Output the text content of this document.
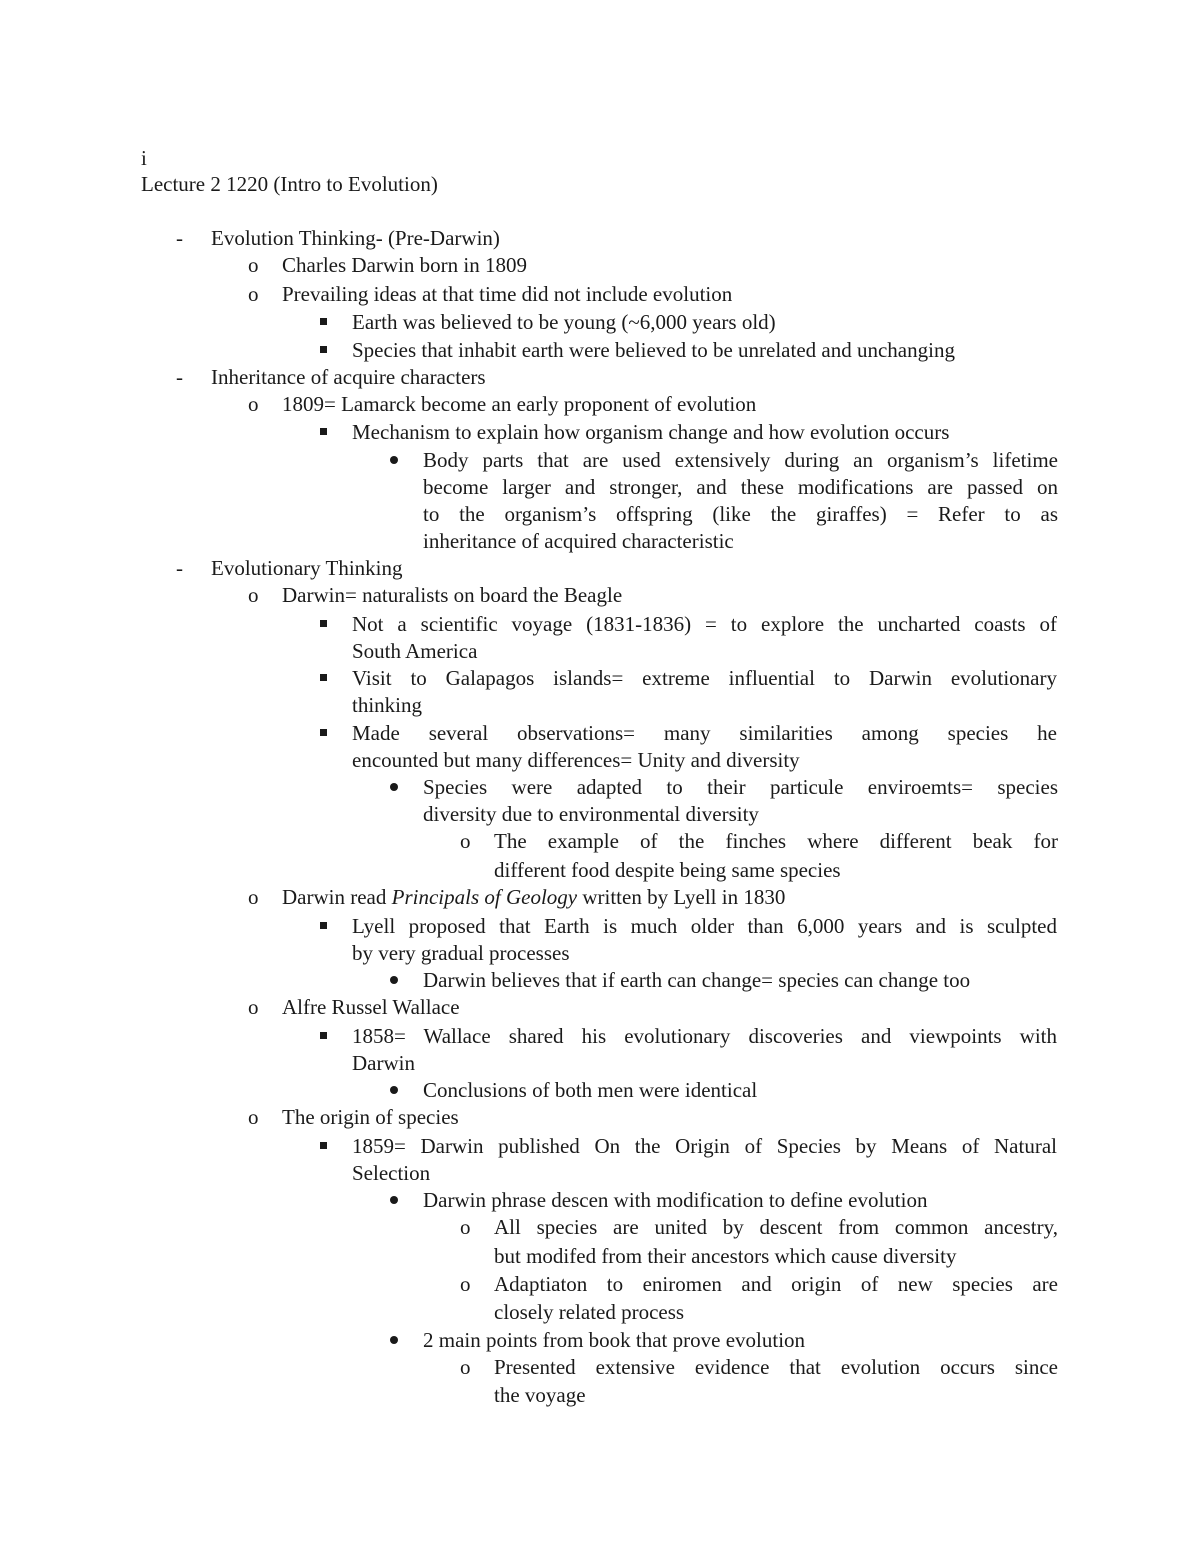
i
Lecture 2 1220 (Intro to Evolution)
- Evolution Thinking- (Pre-Darwin)
o Charles Darwin born in 1809
o Prevailing ideas at that time did not include evolution
Earth was believed to be young (~6,000 years old)
Species that inhabit earth were believed to be unrelated and unchanging
- Inheritance of acquire characters
o 1809= Lamarck become an early proponent of evolution
Mechanism to explain how organism change and how evolution occurs
Body parts that are used extensively during an organism’s lifetime
become larger and stronger, and these modifications are passed on
to the organism’s offspring (like the giraffes) = Refer to as
inheritance of acquired characteristic
- Evolutionary Thinking
o Darwin= naturalists on board the Beagle
Not a scientific voyage (1831-1836) = to explore the uncharted coasts of
South America
Visit to Galapagos islands= extreme influential to Darwin evolutionary
thinking
Made several observations= many similarities among species he
encounted but many differences= Unity and diversity
Species were adapted to their particule enviroemts= species
diversity due to environmental diversity
o The example of the finches where different beak for
different food despite being same species
o Darwin read Principals of Geology written by Lyell in 1830
Lyell proposed that Earth is much older than 6,000 years and is sculpted
by very gradual processes
Darwin believes that if earth can change= species can change too
o Alfre Russel Wallace
1858= Wallace shared his evolutionary discoveries and viewpoints with
Darwin
Conclusions of both men were identical
o The origin of species
1859= Darwin published On the Origin of Species by Means of Natural
Selection
Darwin phrase descen with modification to define evolution
o All species are united by descent from common ancestry,
but modifed from their ancestors which cause diversity
o Adaptiaton to eniromen and origin of new species are
closely related process
2 main points from book that prove evolution
o Presented extensive evidence that evolution occurs since
the voyage
